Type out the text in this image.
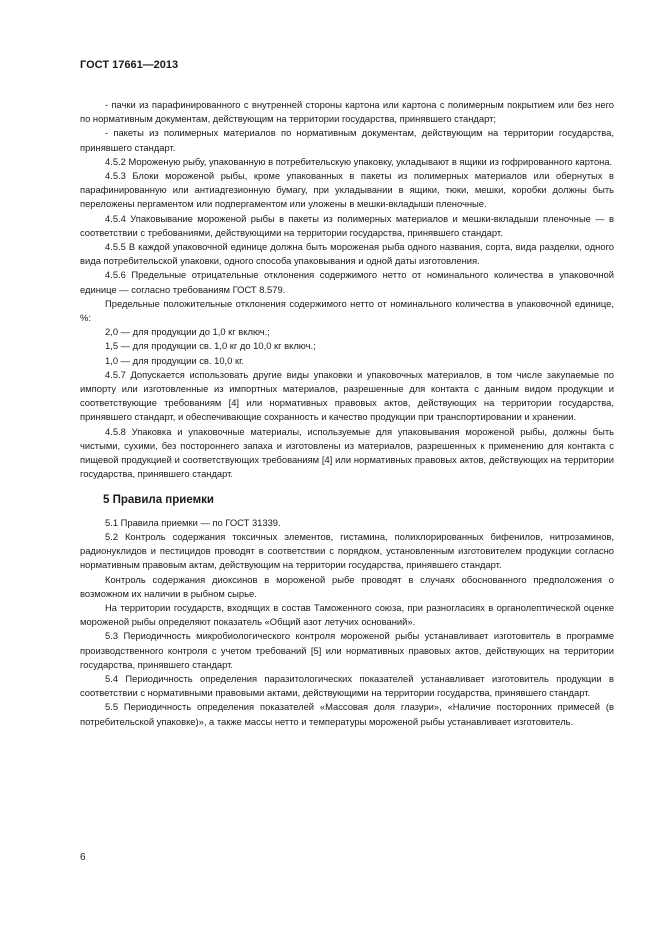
ГОСТ 17661—2013

- пачки из парафинированного с внутренней стороны картона или картона с полимерным покрытием или без него по нормативным документам, действующим на территории государства, принявшего стандарт;

- пакеты из полимерных материалов по нормативным документам, действующим на территории государства, принявшего стандарт.

4.5.2 Мороженую рыбу, упакованную в потребительскую упаковку, укладывают в ящики из гофрированного картона.

4.5.3 Блоки мороженой рыбы, кроме упакованных в пакеты из полимерных материалов или обернутых в парафинированную или антиадгезионную бумагу, при укладывании в ящики, тюки, мешки, коробки должны быть переложены пергаментом или подпергаментом или уложены в мешки-вкладыши пленочные.

4.5.4 Упаковывание мороженой рыбы в пакеты из полимерных материалов и мешки-вкладыши пленочные — в соответствии с требованиями, действующими на территории государства, принявшего стандарт.

4.5.5 В каждой упаковочной единице должна быть мороженая рыба одного названия, сорта, вида разделки, одного вида потребительской упаковки, одного способа упаковывания и одной даты изготовления.

4.5.6 Предельные отрицательные отклонения содержимого нетто от номинального количества в упаковочной единице — согласно требованиям ГОСТ 8.579.

Предельные положительные отклонения содержимого нетто от номинального количества в упаковочной единице, %:

2,0 — для продукции до 1,0 кг включ.;

1,5 — для продукции св. 1,0 кг до 10,0 кг включ.;

1,0 — для продукции св. 10,0 кг.

4.5.7 Допускается использовать другие виды упаковки и упаковочных материалов, в том числе закупаемые по импорту или изготовленные из импортных материалов, разрешенные для контакта с данным видом продукции и соответствующие требованиям [4] или нормативных правовых актов, действующих на территории государства, принявшего стандарт, и обеспечивающие сохранность и качество продукции при транспортировании и хранении.

4.5.8 Упаковка и упаковочные материалы, используемые для упаковывания мороженой рыбы, должны быть чистыми, сухими, без постороннего запаха и изготовлены из материалов, разрешенных к применению для контакта с пищевой продукцией и соответствующих требованиям [4] или нормативных правовых актов, действующих на территории государства, принявшего стандарт.

5 Правила приемки

5.1 Правила приемки — по ГОСТ 31339.

5.2 Контроль содержания токсичных элементов, гистамина, полихлорированных бифенилов, нитрозаминов, радионуклидов и пестицидов проводят в соответствии с порядком, установленным изготовителем продукции согласно нормативным правовым актам, действующим на территории государства, принявшего стандарт.

Контроль содержания диоксинов в мороженой рыбе проводят в случаях обоснованного предположения о возможном их наличии в рыбном сырье.

На территории государств, входящих в состав Таможенного союза, при разногласиях в органолептической оценке мороженой рыбы определяют показатель «Общий азот летучих оснований».

5.3 Периодичность микробиологического контроля мороженой рыбы устанавливает изготовитель в программе производственного контроля с учетом требований [5] или нормативных правовых актов, действующих на территории государства, принявшего стандарт.

5.4 Периодичность определения паразитологических показателей устанавливает изготовитель продукции в соответствии с нормативными правовыми актами, действующими на территории государства, принявшего стандарт.

5.5 Периодичность определения показателей «Массовая доля глазури», «Наличие посторонних примесей (в потребительской упаковке)», а также массы нетто и температуры мороженой рыбы устанавливает изготовитель.

6
